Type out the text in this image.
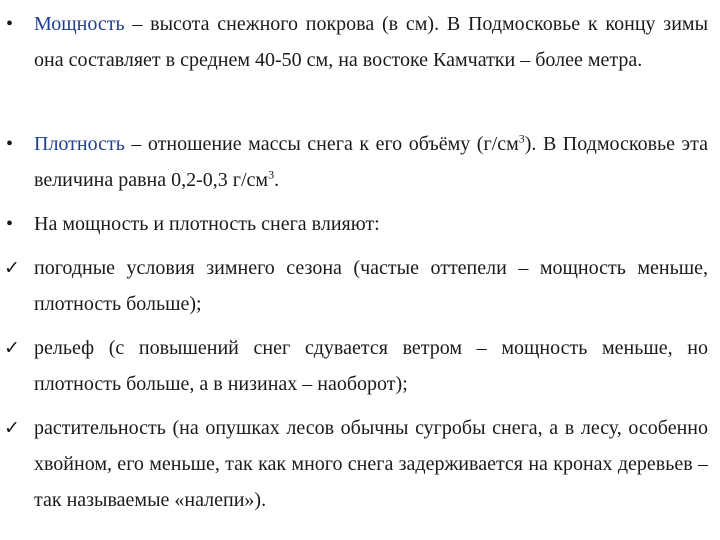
• Мощность – высота снежного покрова (в см). В Подмосковье к концу зимы она составляет в среднем 40-50 см, на востоке Камчатки – более метра.
• Плотность – отношение массы снега к его объёму $(г/см^3)$. В Подмосковье эта величина равна 0,2-0,3 $г/см^3$.
• На мощность и плотность снега влияют:
✓ погодные условия зимнего сезона (частые оттепели – мощность меньше, плотность больше);
✓ рельеф (с повышений снег сдувается ветром – мощность меньше, но плотность больше, а в низинах – наоборот);
✓ растительность (на опушках лесов обычны сугробы снега, а в лесу, особенно хвойном, его меньше, так как много снега задерживается на кронах деревьев – так называемые «налепи»).
